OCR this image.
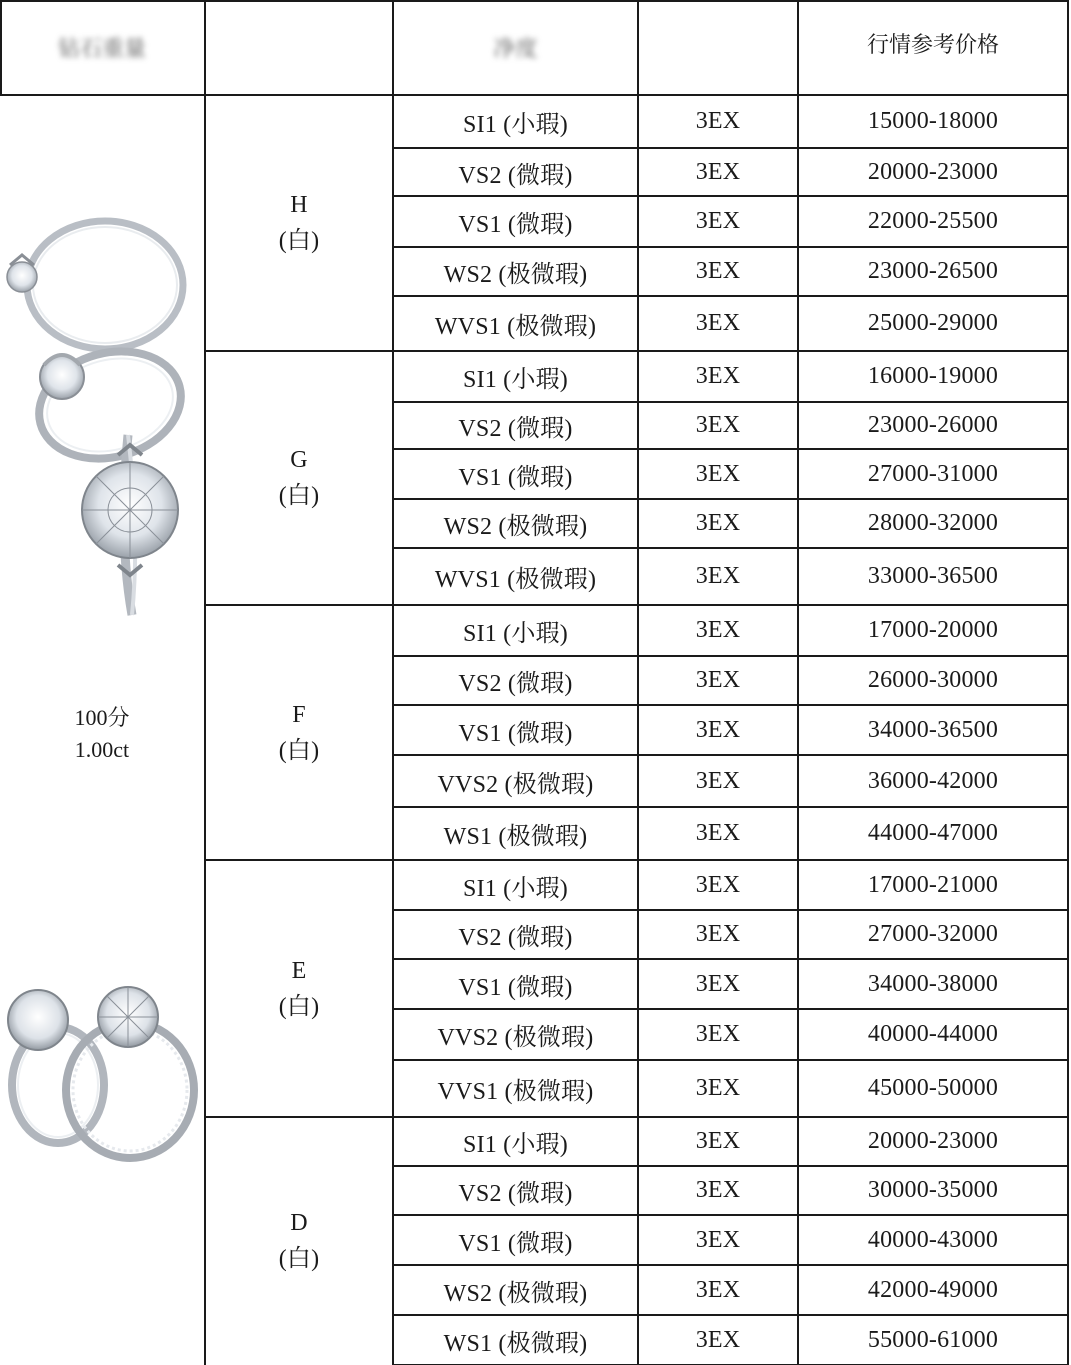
钻石重量	净度	行情参考价格
100分
1.00ct
H
(白)
SI1 (小瑕)	3EX	15000-18000
VS2 (微瑕)	3EX	20000-23000
VS1 (微瑕)	3EX	22000-25500
WS2 (极微瑕)	3EX	23000-26500
WVS1 (极微瑕)	3EX	25000-29000
G
(白)
SI1 (小瑕)	3EX	16000-19000
VS2 (微瑕)	3EX	23000-26000
VS1 (微瑕)	3EX	27000-31000
WS2 (极微瑕)	3EX	28000-32000
WVS1 (极微瑕)	3EX	33000-36500
F
(白)
SI1 (小瑕)	3EX	17000-20000
VS2 (微瑕)	3EX	26000-30000
VS1 (微瑕)	3EX	34000-36500
VVS2 (极微瑕)	3EX	36000-42000
WS1 (极微瑕)	3EX	44000-47000
E
(白)
SI1 (小瑕)	3EX	17000-21000
VS2 (微瑕)	3EX	27000-32000
VS1 (微瑕)	3EX	34000-38000
VVS2 (极微瑕)	3EX	40000-44000
VVS1 (极微瑕)	3EX	45000-50000
D
(白)
SI1 (小瑕)	3EX	20000-23000
VS2 (微瑕)	3EX	30000-35000
VS1 (微瑕)	3EX	40000-43000
WS2 (极微瑕)	3EX	42000-49000
WS1 (极微瑕)	3EX	55000-61000
